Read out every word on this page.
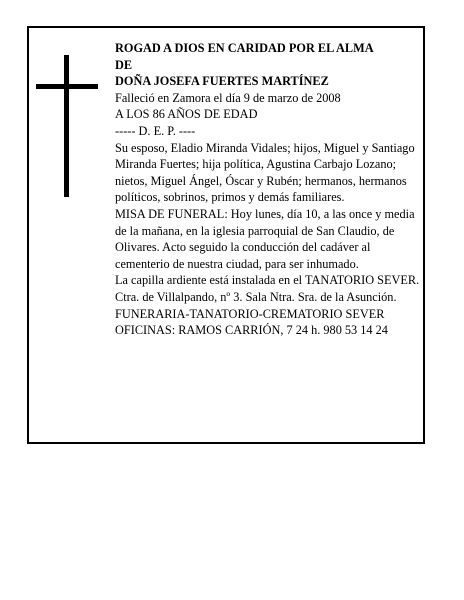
ROGAD A DIOS EN CARIDAD POR EL ALMA
DE
DOÑA JOSEFA FUERTES MARTÍNEZ
Falleció en Zamora el día 9 de marzo de 2008
A LOS 86 AÑOS DE EDAD
----- D. E. P. ----
Su esposo, Eladio Miranda Vidales; hijos, Miguel y Santiago Miranda Fuertes; hija política, Agustina Carbajo Lozano; nietos, Miguel Ángel, Óscar y Rubén; hermanos, hermanos políticos, sobrinos, primos y demás familiares.
MISA DE FUNERAL: Hoy lunes, día 10, a las once y media de la mañana, en la iglesia parroquial de San Claudio, de Olivares. Acto seguido la conducción del cadáver al cementerio de nuestra ciudad, para ser inhumado.
La capilla ardiente está instalada en el TANATORIO SEVER. Ctra. de Villalpando, nº 3. Sala Ntra. Sra. de la Asunción.
FUNERARIA-TANATORIO-CREMATORIO SEVER
OFICINAS: RAMOS CARRIÓN, 7 24 h. 980 53 14 24
